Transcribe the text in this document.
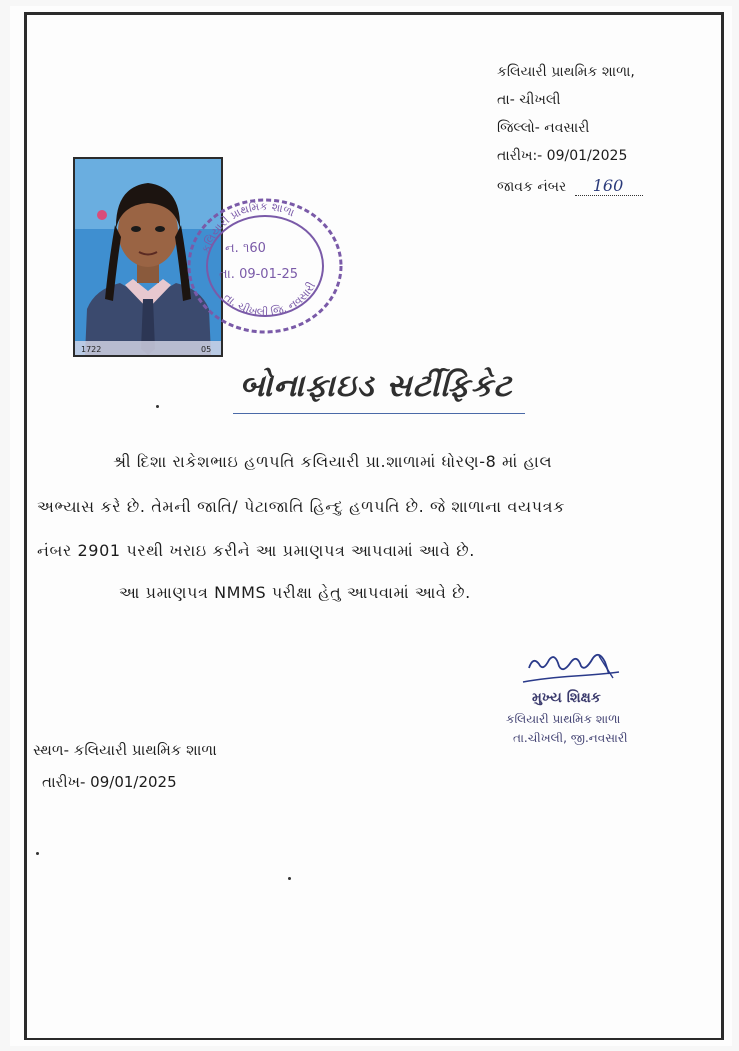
કલિયારી પ્રાથમિક શાળા,
તા- ચીખલી
જિલ્લો- નવસારી
તારીખ:- 09/01/2025
જાવક નંબર 160
1722	05
કલિયારી પ્રાથમિક શાળા
તા. ચીખલી જિ. નવસારી
ન. ૧60
તા. 09-01-25
બોનાફાઇડ સર્ટીફિકેટ
શ્રી દિશા રાકેશભાઇ હળપતિ કલિયારી પ્રા.શાળામાં ધોરણ-8 માં હાલ
અભ્યાસ કરે છે. તેમની જાતિ/ પેટાજાતિ હિન્દુ હળપતિ છે. જે શાળાના વયપત્રક
નંબર 2901 પરથી ખરાઇ કરીને આ પ્રમાણપત્ર આપવામાં આવે છે.
આ પ્રમાણપત્ર NMMS પરીક્ષા હેતુ આપવામાં આવે છે.
મુખ્ય શિક્ષક
કલિયારી પ્રાથમિક શાળા
તા.ચીખલી, જી.નવસારી
સ્થળ- કલિયારી પ્રાથમિક શાળા
તારીખ- 09/01/2025
